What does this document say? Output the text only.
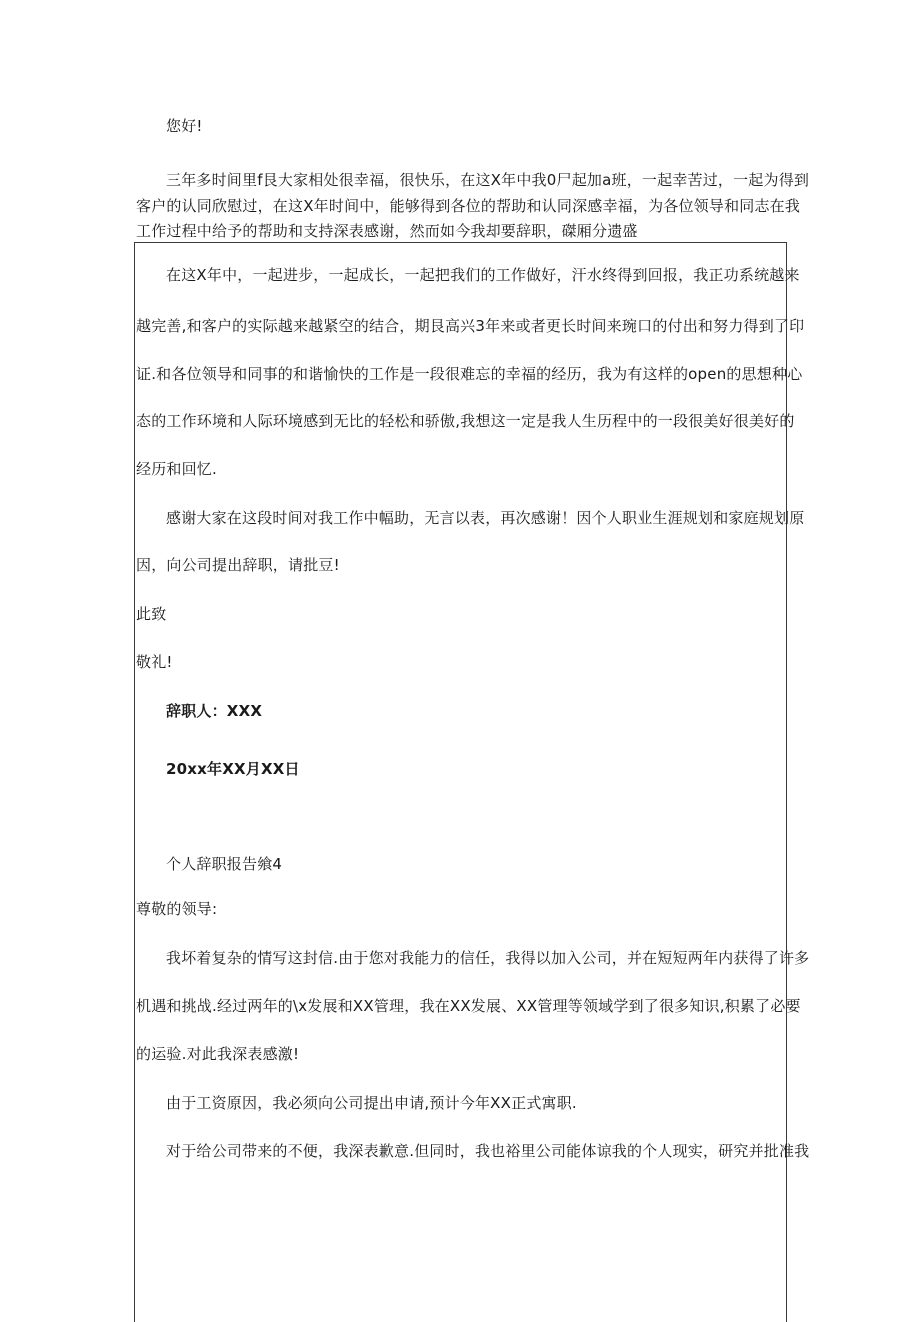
您好!
三年多时间里f艮大家相处很幸福，很快乐，在这X年中我0尸起加a班，一起幸苦过，一起为得到
客户的认同欣慰过，在这X年时间中，能够得到各位的帮助和认同深感幸福，为各位领导和同志在我
工作过程中给予的帮助和支持深表感谢，然而如今我却要辞职，磔厢分遗盛
在这X年中，一起进步，一起成长，一起把我们的工作做好，汗水终得到回报，我正功系统越来
越完善,和客户的实际越来越紧空的结合，期艮高兴3年来或者更长时间来琬口的付出和努力得到了印
证.和各位领导和同事的和谐愉快的工作是一段很难忘的幸福的经历，我为有这样的open的思想种心
态的工作环境和人际环境感到无比的轻松和骄傲,我想这一定是我人生历程中的一段很美好很美好的
经历和回忆.
感谢大家在这段时间对我工作中幅助，无言以表，再次感谢！因个人职业生涯规划和家庭规划原
因，向公司提出辞职，请批豆!
此致
敬礼!
辞职人：XXX
20xx年XX月XX日
个人辞职报告飨4
尊敬的领导:
我坏着复杂的情写这封信.由于您对我能力的信任，我得以加入公司，并在短短两年内获得了许多
机遇和挑战.经过两年的\x发展和XX管理，我在XX发展、XX管理等领域学到了很多知识,积累了必要
的运验.对此我深表感激!
由于工资原因，我必须向公司提出申请,预计今年XX正式寓职.
对于给公司带来的不便，我深表歉意.但同时，我也裕里公司能体谅我的个人现实，研究并批准我
